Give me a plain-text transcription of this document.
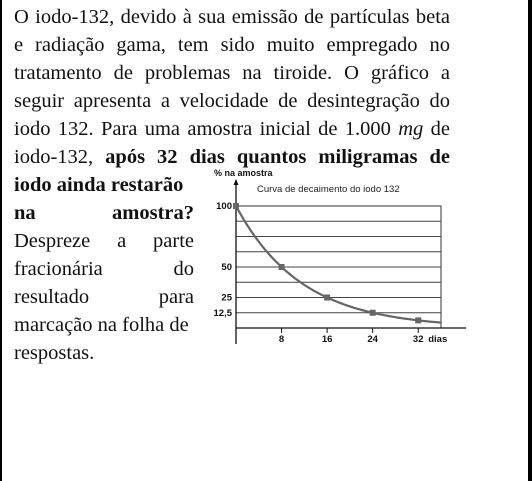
O iodo-132, devido à sua emissão de partículas beta
e radiação gama, tem sido muito empregado no
tratamento de problemas na tiroide. O gráfico a
seguir apresenta a velocidade de desintegração do
iodo 132. Para uma amostra inicial de 1.000 mg de
iodo-132, após 32 dias quantos miligramas de
iodo ainda restarão
na amostra?
Despreze a parte
fracionária do
resultado para
marcação na folha de
respostas.
% na amostra
Curva de decaimento do iodo 132
8	16	24	32 dias
100
50
25
12,5
